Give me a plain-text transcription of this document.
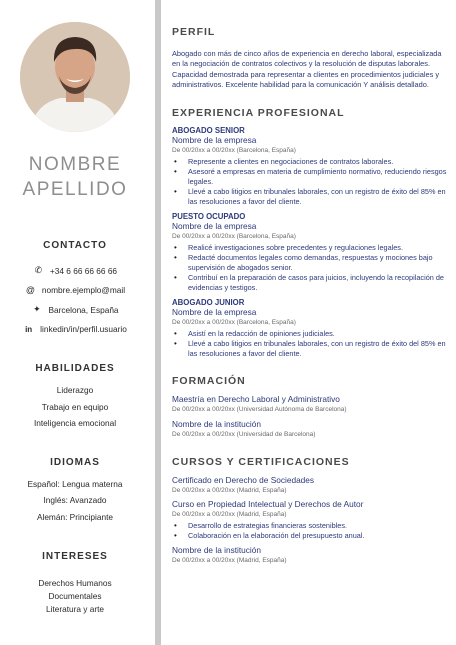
NOMBRE
APELLIDO
CONTACTO
✆ +34 6 66 66 66 66
@ nombre.ejemplo@mail
✦ Barcelona, España
in linkedin/in/perfil.usuario
HABILIDADES
Liderazgo
Trabajo en equipo
Inteligencia emocional
IDIOMAS
Español: Lengua materna
Inglés: Avanzado
Alemán: Principiante
INTERESES
Derechos Humanos
Documentales
Literatura y arte
PERFIL
Abogado con más de cinco años de experiencia en derecho laboral, especializada en la negociación de contratos colectivos y la resolución de disputas laborales. Capacidad demostrada para representar a clientes en procedimientos judiciales y administrativos. Excelente habilidad para la comunicación Y análisis detallado.
EXPERIENCIA PROFESIONAL
ABOGADO SENIOR
Nombre de la empresa
De 00/20xx a 00/20xx (Barcelona, España)
• Represente a clientes en negociaciones de contratos laborales.
• Asesoré a empresas en materia de cumplimiento normativo, reduciendo riesgos legales.
• Llevé a cabo litigios en tribunales laborales, con un registro de éxito del 85% en las resoluciones a favor del cliente.
PUESTO OCUPADO
Nombre de la empresa
De 00/20xx a 00/20xx (Barcelona, España)
• Realicé investigaciones sobre precedentes y regulaciones legales.
• Redacté documentos legales como demandas, respuestas y mociones bajo supervisión de abogados senior.
• Contribuí en la preparación de casos para juicios, incluyendo la recopilación de evidencias y testigos.
ABOGADO JUNIOR
Nombre de la empresa
De 00/20xx a 00/20xx (Barcelona, España)
• Asistí en la redacción de opiniones judiciales.
• Llevé a cabo litigios en tribunales laborales, con un registro de éxito del 85% en las resoluciones a favor del cliente.
FORMACIÓN
Maestría en Derecho Laboral y Administrativo
De 00/20xx a 00/20xx (Universidad Autónoma de Barcelona)
Nombre de la institución
De 00/20xx a 00/20xx (Universidad de Barcelona)
CURSOS Y CERTIFICACIONES
Certificado en Derecho de Sociedades
De 00/20xx a 00/20xx (Madrid, España)
Curso en Propiedad Intelectual y Derechos de Autor
De 00/20xx a 00/20xx (Madrid, España)
• Desarrollo de estrategias financieras sostenibles.
• Colaboración en la elaboración del presupuesto anual.
Nombre de la institución
De 00/20xx a 00/20xx (Madrid, España)
